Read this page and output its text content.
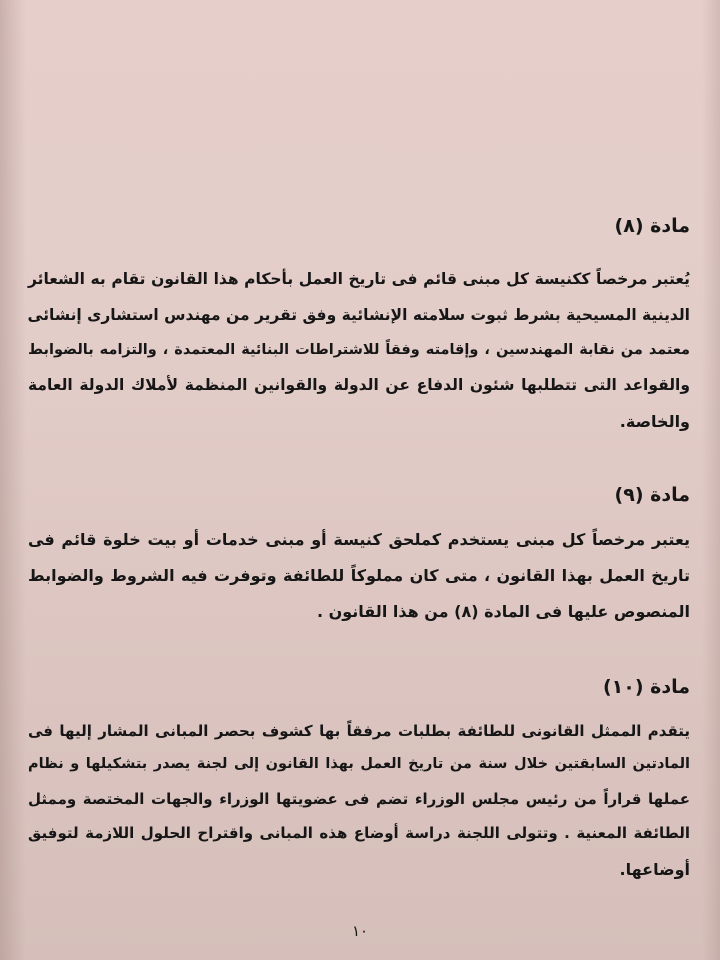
مادة (٨)
يُعتبر مرخصاً ككنيسة كل مبنى قائم فى تاريخ العمل بأحكام هذا القانون تقام به الشعائر
الدينية المسيحية بشرط ثبوت سلامته الإنشائية وفق تقرير من مهندس استشارى إنشائى
معتمد من نقابة المهندسين ، وإقامته وفقاً للاشتراطات البنائية المعتمدة ، والتزامه بالضوابط
والقواعد التى تتطلبها شئون الدفاع عن الدولة والقوانين المنظمة لأملاك الدولة العامة
والخاصة.
مادة (٩)
يعتبر مرخصاً كل مبنى يستخدم كملحق كنيسة أو مبنى خدمات أو بيت خلوة قائم فى
تاريخ العمل بهذا القانون ، متى كان مملوكاً للطائفة وتوفرت فيه الشروط والضوابط
المنصوص عليها فى المادة (٨) من هذا القانون .
مادة (١٠)
يتقدم الممثل القانونى للطائفة بطلبات مرفقاً بها كشوف بحصر المبانى المشار إليها فى
المادتين السابقتين خلال سنة من تاريخ العمل بهذا القانون إلى لجنة يصدر بتشكيلها و نظام
عملها قراراً من رئيس مجلس الوزراء تضم فى عضويتها الوزراء والجهات المختصة وممثل
الطائفة المعنية . وتتولى اللجنة دراسة أوضاع هذه المبانى واقتراح الحلول اللازمة لتوفيق
أوضاعها.
١٠
